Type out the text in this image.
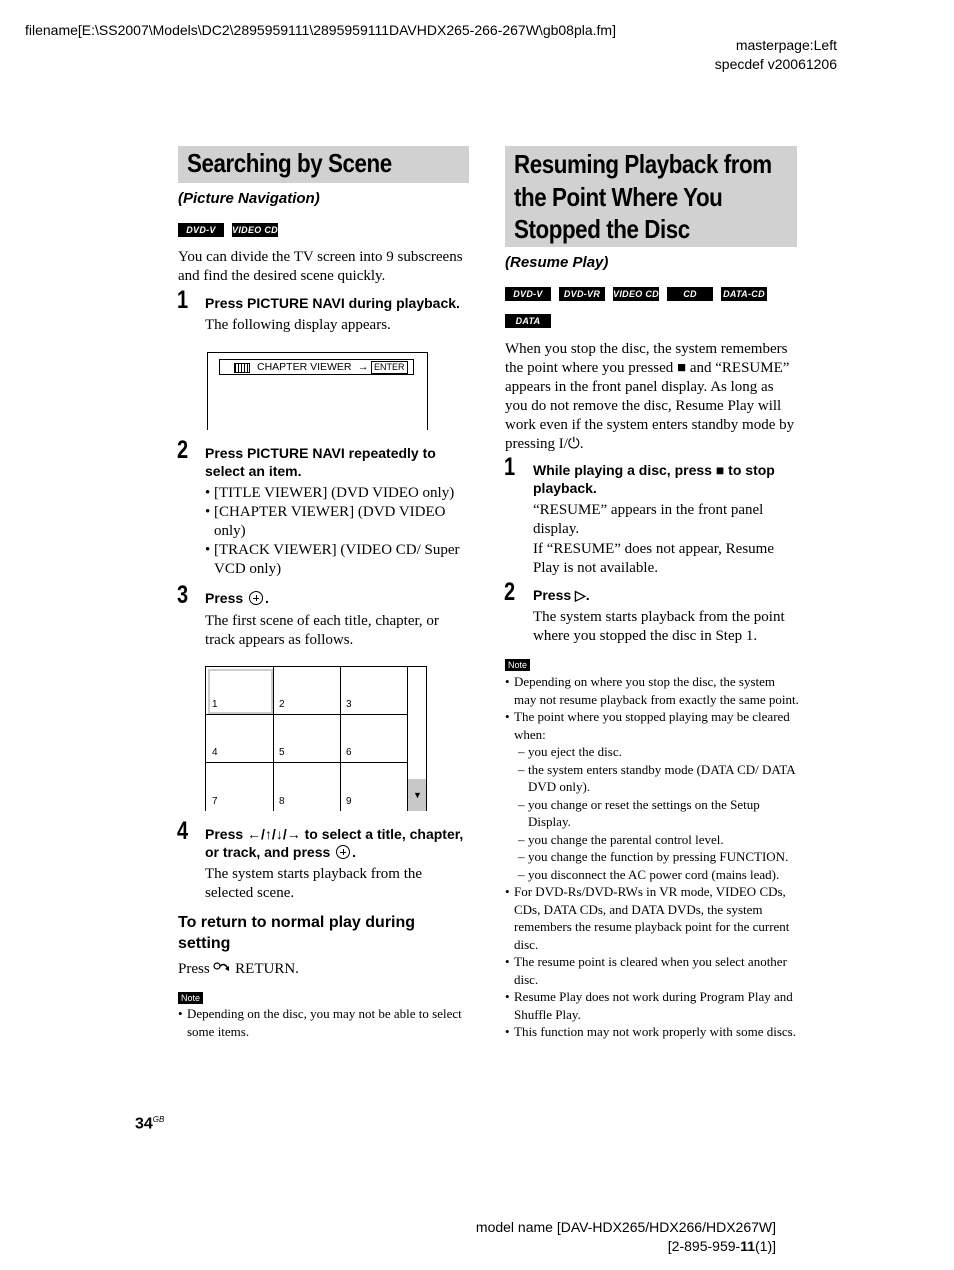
filename[E:\SS2007\Models\DC2\2895959111\2895959111DAVHDX265-266-267W\gb08pla.fm]
masterpage:Left
specdef v20061206
Searching by Scene
(Picture Navigation)
DVD-V VIDEO CD
You can divide the TV screen into 9 subscreens and find the desired scene quickly.
1 Press PICTURE NAVI during playback.
The following display appears.
CHAPTER VIEWER → ENTER
2 Press PICTURE NAVI repeatedly to select an item.
• [TITLE VIEWER] (DVD VIDEO only)
• [CHAPTER VIEWER] (DVD VIDEO only)
• [TRACK VIEWER] (VIDEO CD/ Super VCD only)
3 Press .
The first scene of each title, chapter, or track appears as follows.
1	2	3
4	5	6
7	8	9
▼
4 Press ←/↑/↓/→ to select a title, chapter,
or track, and press .
The system starts playback from the selected scene.
To return to normal play during setting
Press RETURN.
Note
• Depending on the disc, you may not be able to select some items.
Resuming Playback from
the Point Where You
Stopped the Disc
(Resume Play)
DVD-V DVD-VR VIDEO CD	CD	DATA-CD
DATA DVD
When you stop the disc, the system remembers the point where you pressed ■ and “RESUME” appears in the front panel display. As long as you do not remove the disc, Resume Play will work even if the system enters standby mode by pressing I/⏻.
1 While playing a disc, press ■ to stop playback.
“RESUME” appears in the front panel display.
If “RESUME” does not appear, Resume Play is not available.
2 Press ▷.
The system starts playback from the point where you stopped the disc in Step 1.
Note
• Depending on where you stop the disc, the system may not resume playback from exactly the same point.
• The point where you stopped playing may be cleared when:
– you eject the disc.
– the system enters standby mode (DATA CD/ DATA DVD only).
– you change or reset the settings on the Setup Display.
– you change the parental control level.
– you change the function by pressing FUNCTION.
– you disconnect the AC power cord (mains lead).
• For DVD-Rs/DVD-RWs in VR mode, VIDEO CDs, CDs, DATA CDs, and DATA DVDs, the system remembers the resume playback point for the current disc.
• The resume point is cleared when you select another disc.
• Resume Play does not work during Program Play and Shuffle Play.
• This function may not work properly with some discs.
$34^{GB}$
model name [DAV-HDX265/HDX266/HDX267W]
[2-895-959-11(1)]
